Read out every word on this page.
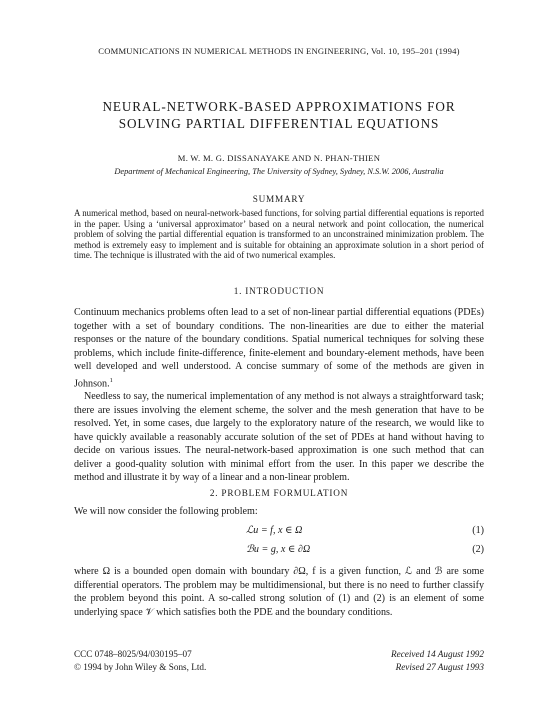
COMMUNICATIONS IN NUMERICAL METHODS IN ENGINEERING, Vol. 10, 195–201 (1994)
NEURAL-NETWORK-BASED APPROXIMATIONS FOR
SOLVING PARTIAL DIFFERENTIAL EQUATIONS
M. W. M. G. DISSANAYAKE AND N. PHAN-THIEN
Department of Mechanical Engineering, The University of Sydney, Sydney, N.S.W. 2006, Australia
SUMMARY
A numerical method, based on neural-network-based functions, for solving partial differential equations is reported in the paper. Using a ‘universal approximator’ based on a neural network and point collocation, the numerical problem of solving the partial differential equation is transformed to an unconstrained minimization problem. The method is extremely easy to implement and is suitable for obtaining an approximate solution in a short period of time. The technique is illustrated with the aid of two numerical examples.
1. INTRODUCTION

Continuum mechanics problems often lead to a set of non-linear partial differential equations (PDEs) together with a set of boundary conditions. The non-linearities are due to either the material responses or the nature of the boundary conditions. Spatial numerical techniques for solving these problems, which include finite-difference, finite-element and boundary-element methods, have been well developed and well understood. A concise summary of some of the methods are given in Johnson.$^1$

Needless to say, the numerical implementation of any method is not always a straightforward task; there are issues involving the element scheme, the solver and the mesh generation that have to be resolved. Yet, in some cases, due largely to the exploratory nature of the research, we would like to have quickly available a reasonably accurate solution of the set of PDEs at hand without having to decide on various issues. The neural-network-based approximation is one such method that can deliver a good-quality solution with minimal effort from the user. In this paper we describe the method and illustrate it by way of a linear and a non-linear problem.

2. PROBLEM FORMULATION
We will now consider the following problem:
ℒu = f, x ∈ Ω	(1)
ℬu = g, x ∈ ∂Ω	(2)
where Ω is a bounded open domain with boundary ∂Ω, f is a given function, ℒ and ℬ are some differential operators. The problem may be multidimensional, but there is no need to further classify the problem beyond this point. A so-called strong solution of (1) and (2) is an element of some underlying space 𝒱 which satisfies both the PDE and the boundary conditions.
CCC 0748–8025/94/030195–07
© 1994 by John Wiley & Sons, Ltd.
Received 14 August 1992
Revised 27 August 1993
